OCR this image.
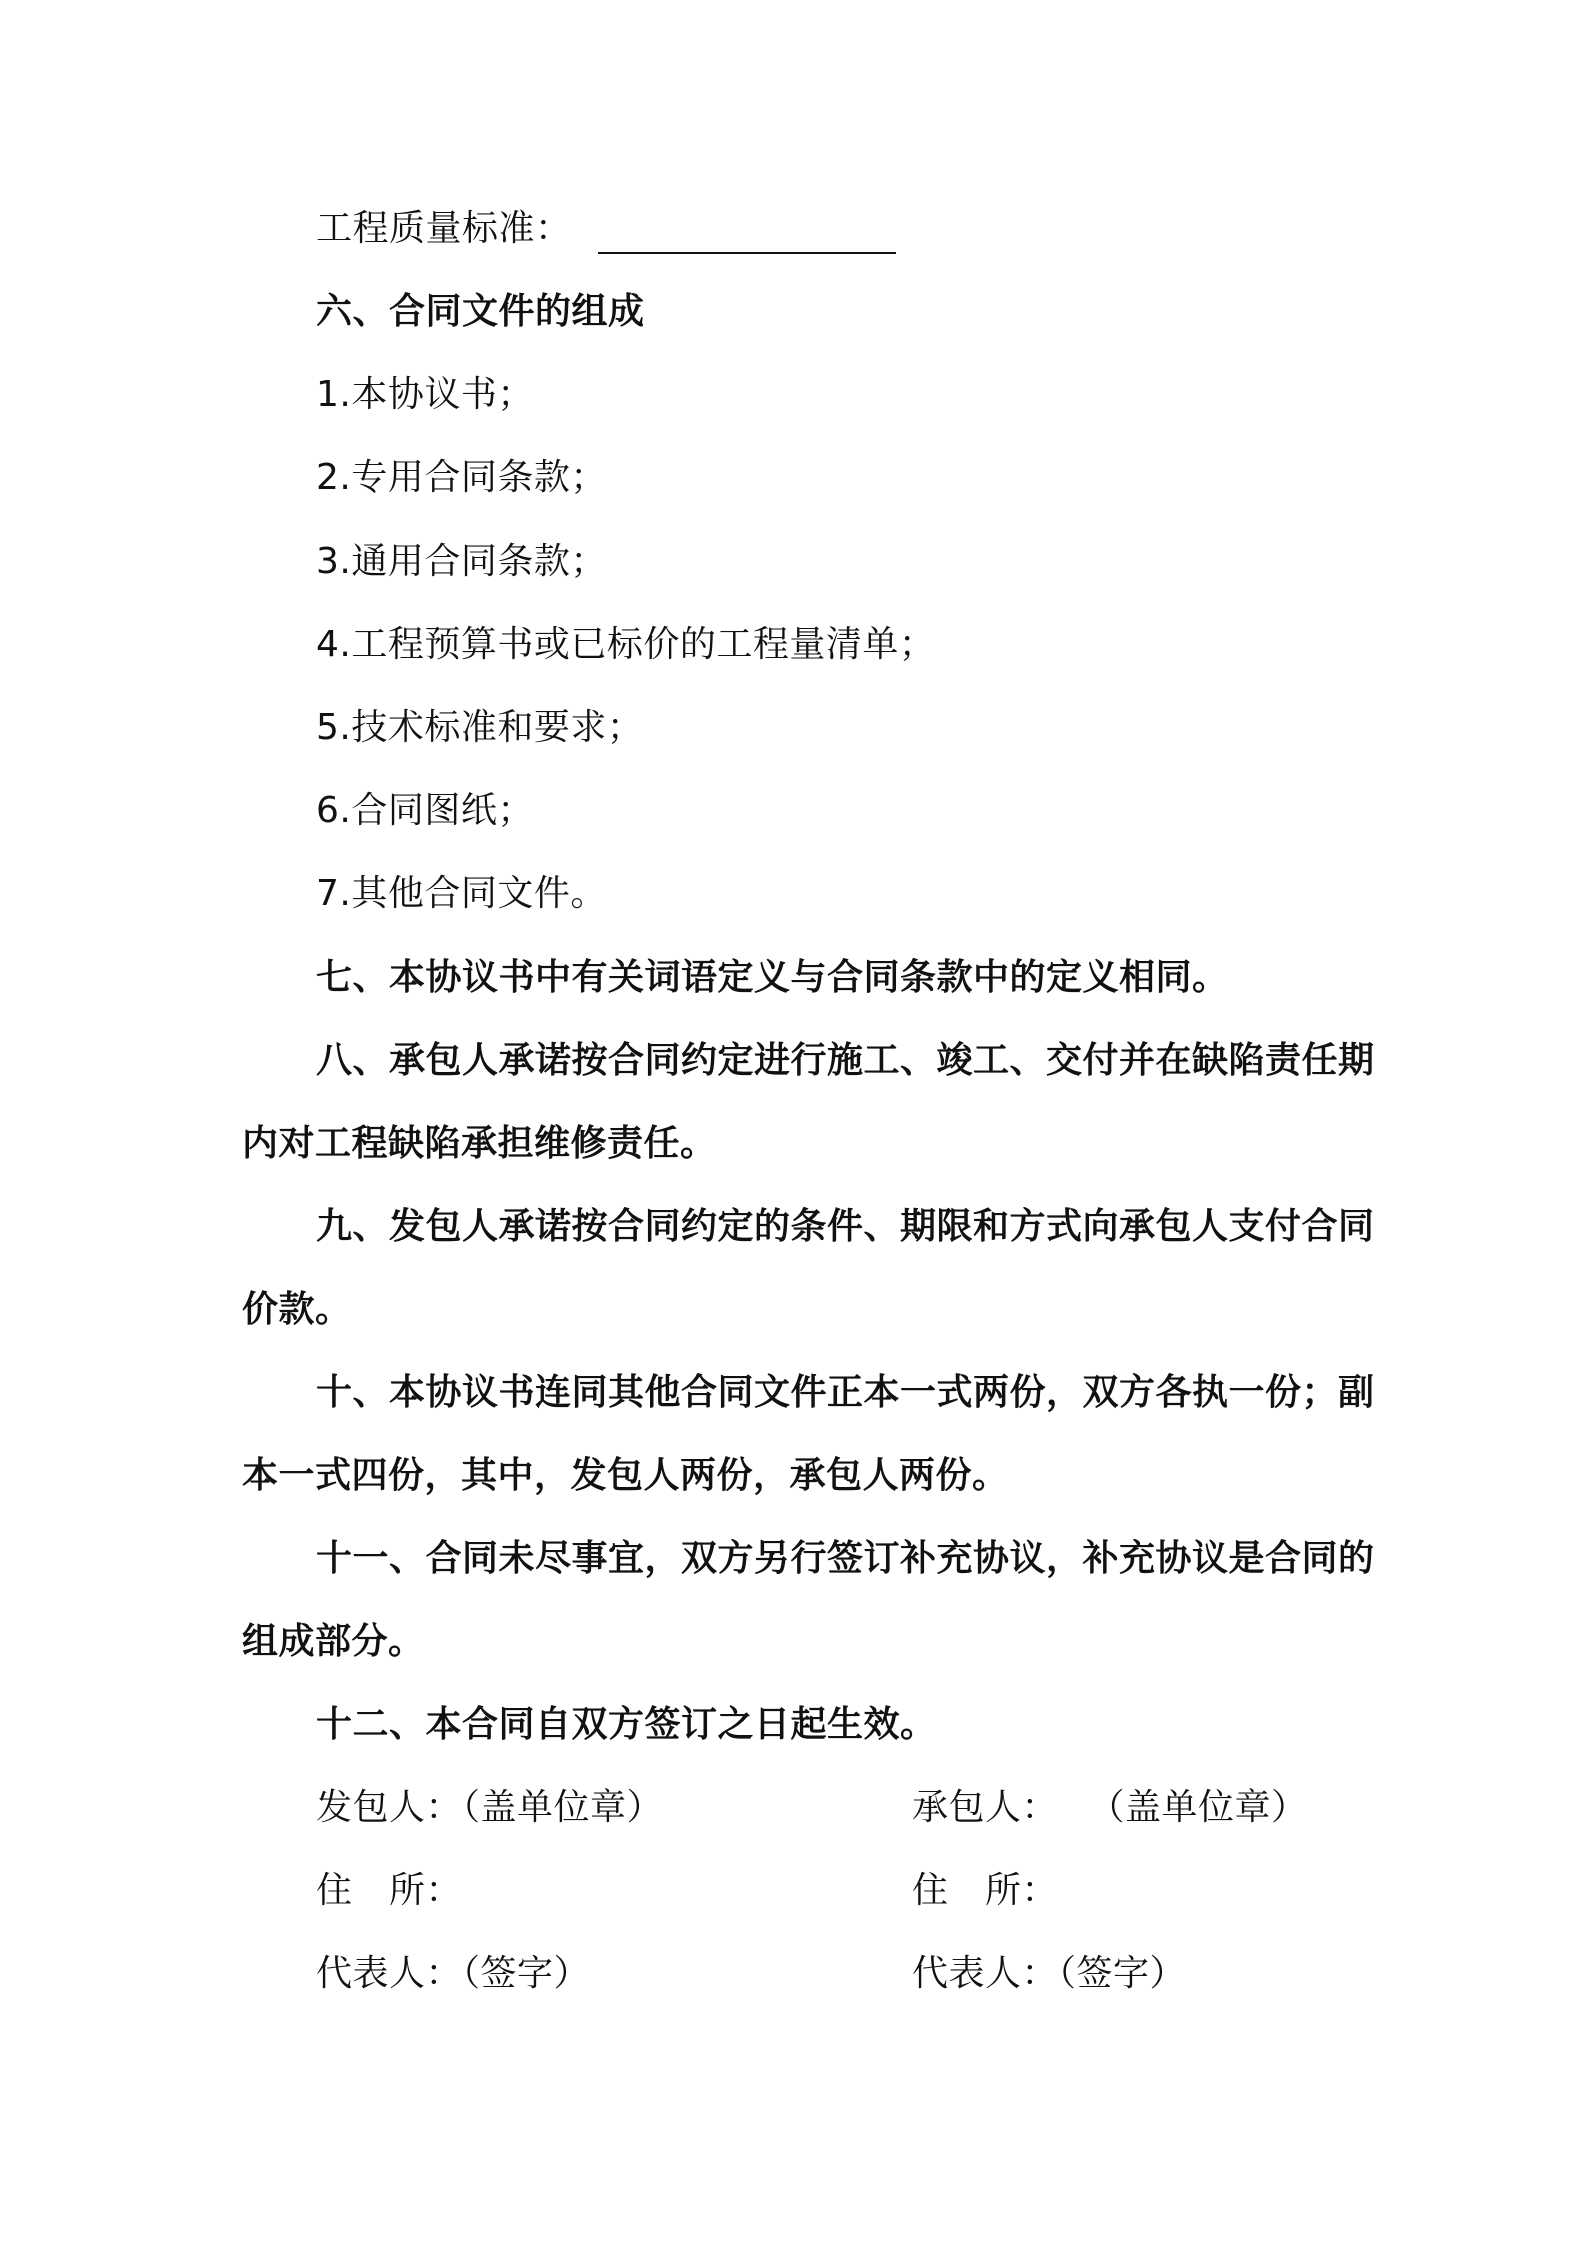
工程质量标准：
六、合同文件的组成
1.本协议书；
2.专用合同条款；
3.通用合同条款；
4.工程预算书或已标价的工程量清单；
5.技术标准和要求；
6.合同图纸；
7.其他合同文件。
七、本协议书中有关词语定义与合同条款中的定义相同。
八、承包人承诺按合同约定进行施工、竣工、交付并在缺陷责任期
内对工程缺陷承担维修责任。
九、发包人承诺按合同约定的条件、期限和方式向承包人支付合同
价款。
十、本协议书连同其他合同文件正本一式两份，双方各执一份；副
本一式四份，其中，发包人两份，承包人两份。
十一、合同未尽事宜，双方另行签订补充协议，补充协议是合同的
组成部分。
十二、本合同自双方签订之日起生效。
发包人：（盖单位章）
住　所：
代表人：（签字）
承包人：　 （盖单位章）
住　所：
代表人：（签字）
